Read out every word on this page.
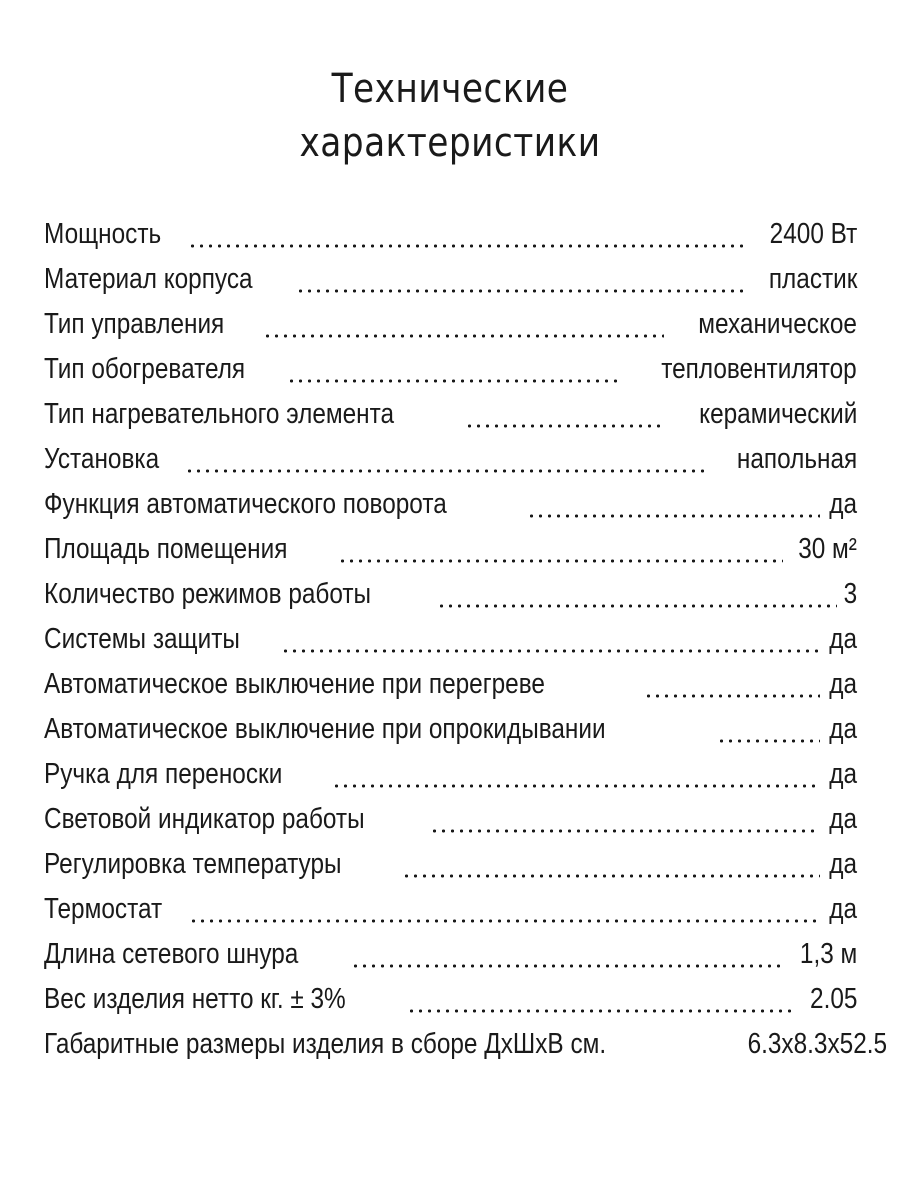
Технические
характеристики
Мощность	2400 Вт
Материал корпуса	пластик
Тип управления	механическое
Тип обогревателя	тепловентилятор
Тип нагревательного элемента	керамический
Установка	напольная
Функция автоматического поворота	да
Площадь помещения	30 м²
Количество режимов работы	3
Системы защиты	да
Автоматическое выключение при перегреве	да
Автоматическое выключение при опрокидывании	да
Ручка для переноски	да
Световой индикатор работы	да
Регулировка температуры	да
Термостат	да
Длина сетевого шнура	1,3 м
Вес изделия нетто кг. ± 3%	2.05
Габаритные размеры изделия в сборе ДхШхВ см.	6.3х8.3х52.5
